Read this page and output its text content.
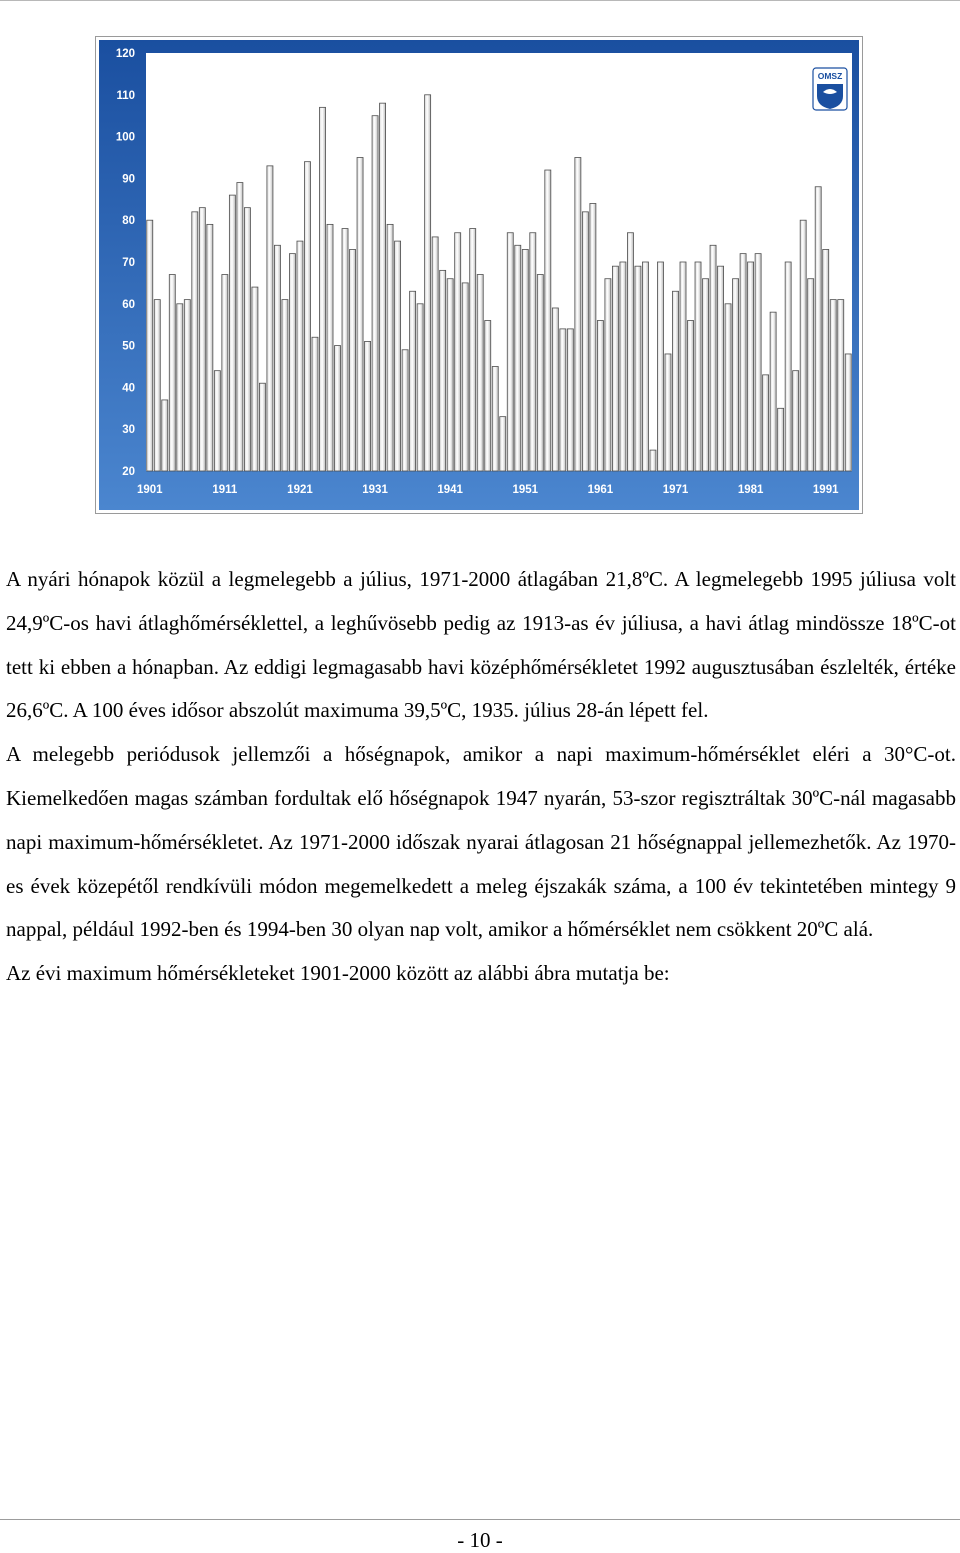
20
30
40
50
60
70
80
90
100
110
120
1901	1911	1921	1931	1941	1951	1961	1971	1981	1991
OMSZ

A nyári hónapok közül a legmelegebb a július, 1971-2000 átlagában 21,8ºC. A legmelegebb 1995 júliusa volt 24,9ºC-os havi átlaghőmérséklettel, a leghűvösebb pedig az 1913-as év júliusa, a havi átlag mindössze 18ºC-ot tett ki ebben a hónapban. Az eddigi legmagasabb havi középhőmérsékletet 1992 augusztusában észlelték, értéke 26,6ºC. A 100 éves idősor abszolút maximuma 39,5ºC, 1935. július 28-án lépett fel.

A melegebb periódusok jellemzői a hőségnapok, amikor a napi maximum-hőmérséklet eléri a 30°C-ot. Kiemelkedően magas számban fordultak elő hőségnapok 1947 nyarán, 53-szor regisztráltak 30ºC-nál magasabb napi maximum-hőmérsékletet. Az 1971-2000 időszak nyarai átlagosan 21 hőségnappal jellemezhetők. Az 1970-es évek közepétől rendkívüli módon megemelkedett a meleg éjszakák száma, a 100 év tekintetében mintegy 9 nappal, például 1992-ben és 1994-ben 30 olyan nap volt, amikor a hőmérséklet nem csökkent 20ºC alá.

Az évi maximum hőmérsékleteket 1901-2000 között az alábbi ábra mutatja be:

- 10 -
